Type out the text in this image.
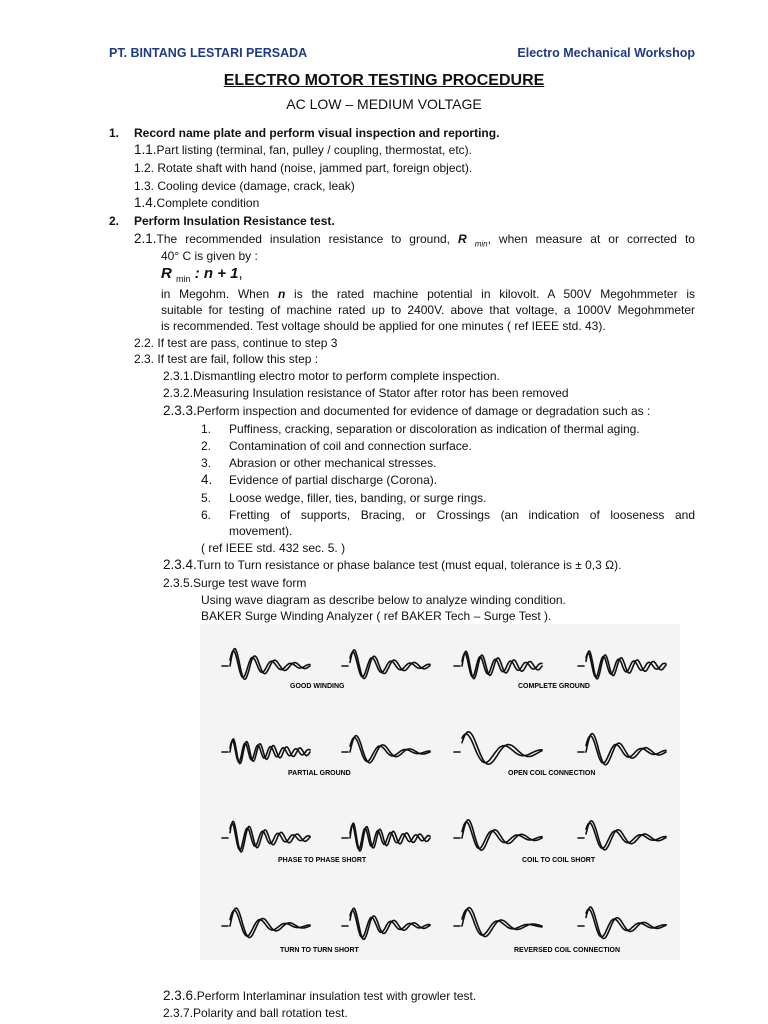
PT. BINTANG LESTARI PERSADA	Electro Mechanical Workshop
ELECTRO MOTOR TESTING PROCEDURE
AC LOW – MEDIUM VOLTAGE
1. Record name plate and perform visual inspection and reporting.
1.1.Part listing (terminal, fan, pulley / coupling, thermostat, etc).
1.2. Rotate shaft with hand (noise, jammed part, foreign object).
1.3. Cooling device (damage, crack, leak)
1.4.Complete condition
2. Perform Insulation Resistance test.
2.1.The recommended insulation resistance to ground, R $_{min}$, when measure at or corrected to
40° C is given by :
R $_{min}$ : n + 1,
in Megohm. When n is the rated machine potential in kilovolt. A 500V Megohmmeter is
suitable for testing of machine rated up to 2400V. above that voltage, a 1000V Megohmmeter
is recommended. Test voltage should be applied for one minutes ( ref IEEE std. 43).
2.2. If test are pass, continue to step 3
2.3. If test are fail, follow this step :
2.3.1.Dismantling electro motor to perform complete inspection.
2.3.2.Measuring Insulation resistance of Stator after rotor has been removed
2.3.3.Perform inspection and documented for evidence of damage or degradation such as :
1. Puffiness, cracking, separation or discoloration as indication of thermal aging.
2. Contamination of coil and connection surface.
3. Abrasion or other mechanical stresses.
4. Evidence of partial discharge (Corona).
5. Loose wedge, filler, ties, banding, or surge rings.
6. Fretting of supports, Bracing, or Crossings (an indication of looseness and
movement).
( ref IEEE std. 432 sec. 5. )
2.3.4.Turn to Turn resistance or phase balance test (must equal, tolerance is ± 0,3 Ω).
2.3.5.Surge test wave form
Using wave diagram as describe below to analyze winding condition.
BAKER Surge Winding Analyzer ( ref BAKER Tech – Surge Test ).
GOOD WINDING	COMPLETE GROUND
PARTIAL GROUND	OPEN COIL CONNECTION
PHASE TO PHASE SHORT	COIL TO COIL SHORT
TURN TO TURN SHORT	REVERSED COIL CONNECTION
2.3.6.Perform Interlaminar insulation test with growler test.
2.3.7.Polarity and ball rotation test.
